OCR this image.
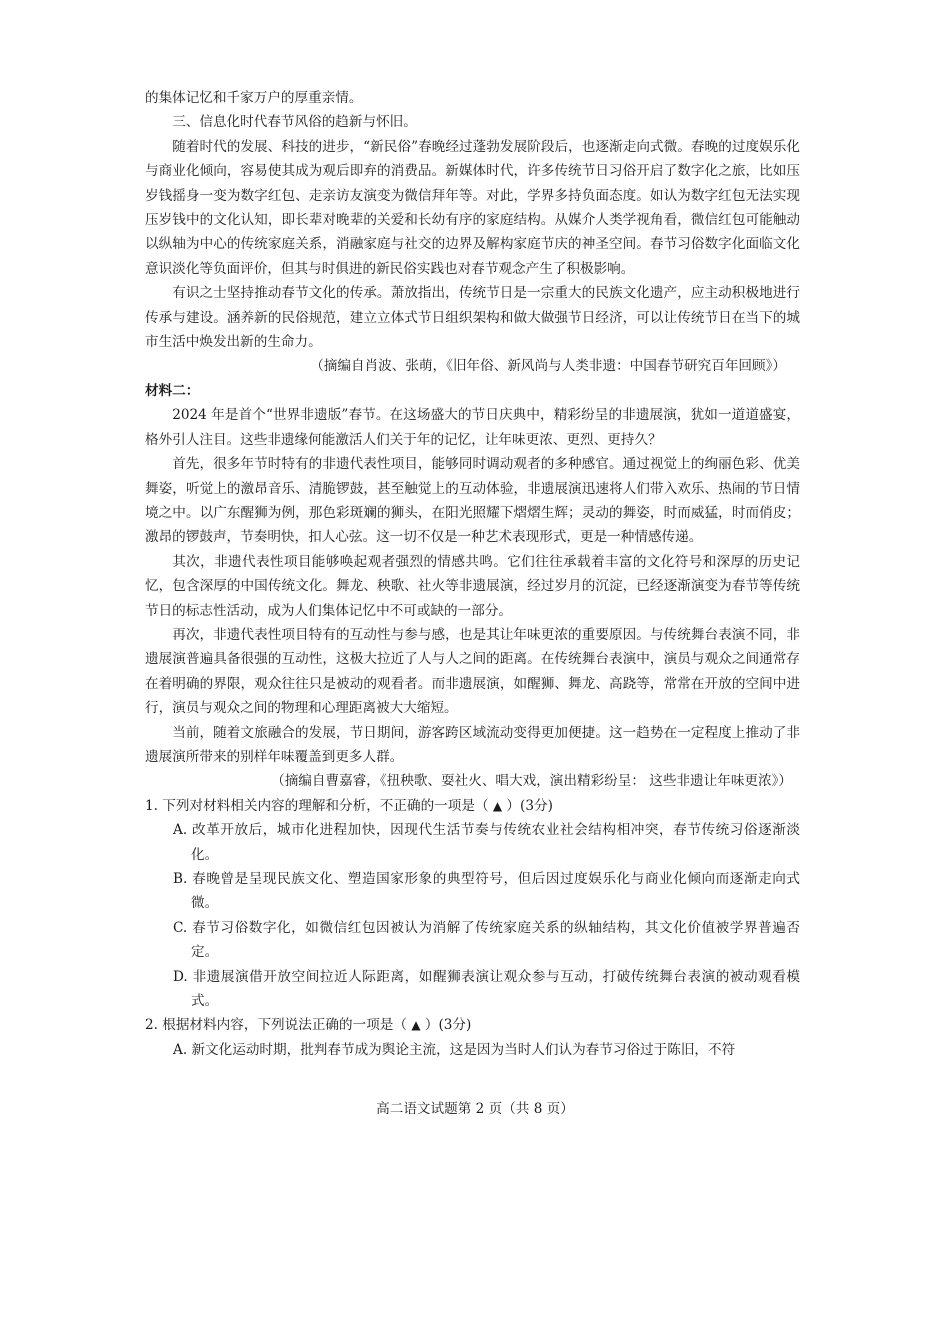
的集体记忆和千家万户的厚重亲情。

三、信息化时代春节风俗的趋新与怀旧。

随着时代的发展、科技的进步，“新民俗”春晚经过蓬勃发展阶段后，也逐渐走向式微。春晚的过度娱乐化与商业化倾向，容易使其成为观后即弃的消费品。新媒体时代，许多传统节日习俗开启了数字化之旅，比如压岁钱摇身一变为数字红包、走亲访友演变为微信拜年等。对此，学界多持负面态度。如认为数字红包无法实现压岁钱中的文化认知，即长辈对晚辈的关爱和长幼有序的家庭结构。从媒介人类学视角看，微信红包可能触动以纵轴为中心的传统家庭关系，消融家庭与社交的边界及解构家庭节庆的神圣空间。春节习俗数字化面临文化意识淡化等负面评价，但其与时俱进的新民俗实践也对春节观念产生了积极影响。

有识之士坚持推动春节文化的传承。萧放指出，传统节日是一宗重大的民族文化遗产，应主动积极地进行传承与建设。涵养新的民俗规范，建立立体式节日组织架构和做大做强节日经济，可以让传统节日在当下的城市生活中焕发出新的生命力。

（摘编自肖波、张萌，《旧年俗、新风尚与人类非遗：中国春节研究百年回顾》）

材料二：

2024 年是首个“世界非遗版”春节。在这场盛大的节日庆典中，精彩纷呈的非遗展演，犹如一道道盛宴，格外引人注目。这些非遗缘何能激活人们关于年的记忆，让年味更浓、更烈、更持久？

首先，很多年节时特有的非遗代表性项目，能够同时调动观者的多种感官。通过视觉上的绚丽色彩、优美舞姿，听觉上的激昂音乐、清脆锣鼓，甚至触觉上的互动体验，非遗展演迅速将人们带入欢乐、热闹的节日情境之中。以广东醒狮为例，那色彩斑斓的狮头，在阳光照耀下熠熠生辉；灵动的舞姿，时而威猛，时而俏皮；激昂的锣鼓声，节奏明快，扣人心弦。这一切不仅是一种艺术表现形式，更是一种情感传递。

其次，非遗代表性项目能够唤起观者强烈的情感共鸣。它们往往承载着丰富的文化符号和深厚的历史记忆，包含深厚的中国传统文化。舞龙、秧歌、社火等非遗展演，经过岁月的沉淀，已经逐渐演变为春节等传统节日的标志性活动，成为人们集体记忆中不可或缺的一部分。

再次，非遗代表性项目特有的互动性与参与感，也是其让年味更浓的重要原因。与传统舞台表演不同，非遗展演普遍具备很强的互动性，这极大拉近了人与人之间的距离。在传统舞台表演中，演员与观众之间通常存在着明确的界限，观众往往只是被动的观看者。而非遗展演，如醒狮、舞龙、高跷等，常常在开放的空间中进行，演员与观众之间的物理和心理距离被大大缩短。

当前，随着文旅融合的发展，节日期间，游客跨区域流动变得更加便捷。这一趋势在一定程度上推动了非遗展演所带来的别样年味覆盖到更多人群。

（摘编自曹嘉睿，《扭秧歌、耍社火、唱大戏，演出精彩纷呈： 这些非遗让年味更浓》）

1. 下列对材料相关内容的理解和分析，不正确的一项是（ ▲ ）(3分)

A. 改革开放后，城市化进程加快，因现代生活节奏与传统农业社会结构相冲突，春节传统习俗逐渐淡化。

B. 春晚曾是呈现民族文化、塑造国家形象的典型符号，但后因过度娱乐化与商业化倾向而逐渐走向式微。

C. 春节习俗数字化，如微信红包因被认为消解了传统家庭关系的纵轴结构，其文化价值被学界普遍否定。

D. 非遗展演借开放空间拉近人际距离，如醒狮表演让观众参与互动，打破传统舞台表演的被动观看模式。

2. 根据材料内容，下列说法正确的一项是（ ▲ ）(3分)

A. 新文化运动时期，批判春节成为舆论主流，这是因为当时人们认为春节习俗过于陈旧，不符

高二语文试题第 2 页（共 8 页）
